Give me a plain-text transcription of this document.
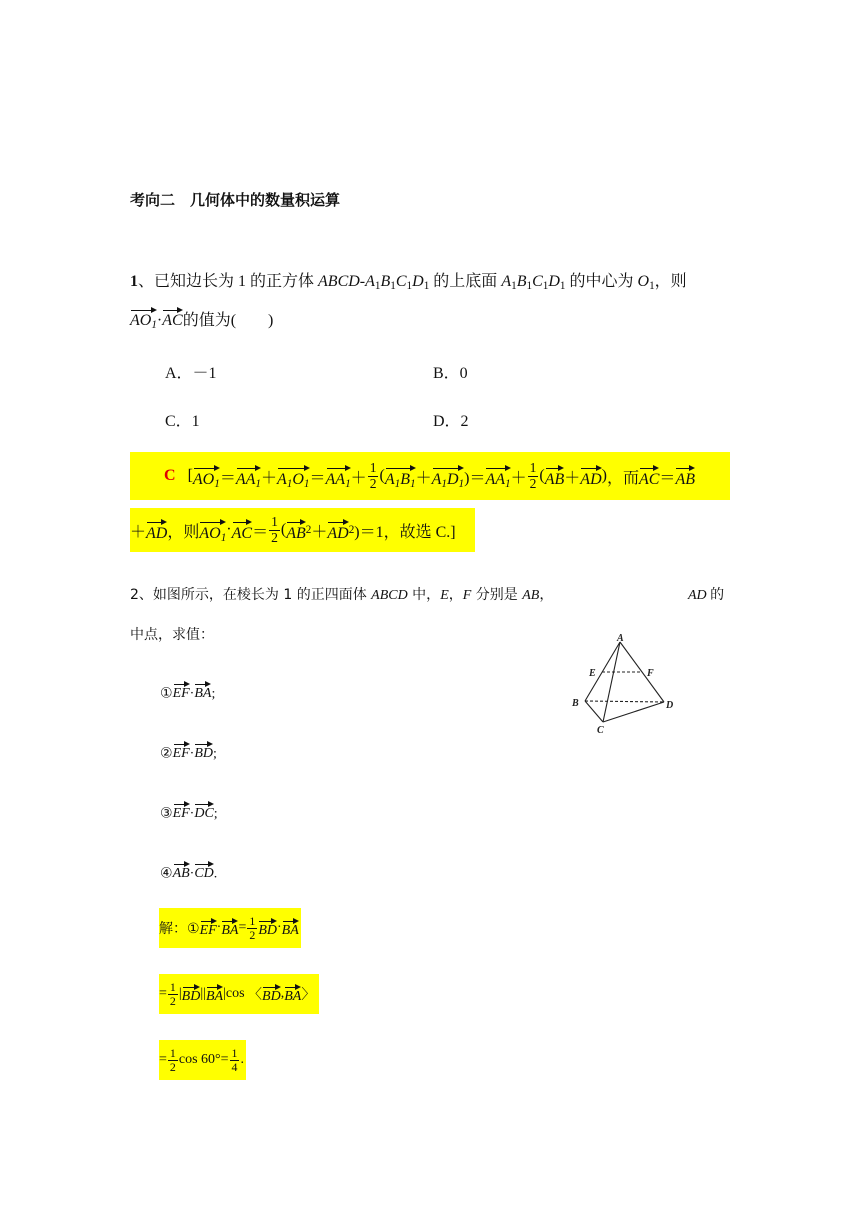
考向二　几何体中的数量积运算
1、已知边长为 1 的正方体 ABCD-$A_1B_1C_1D_1$ 的上底面 $A_1B_1C_1D_1$ 的中心为 $O_1$，则
$AO_1\cdot AC$的值为(　　)
A．－1	B．0
C．1	D．2
C [ $AO_1 = AA_1 + A_1O_1 = AA_1 + \frac{1}{2}$ ( $A_1B_1 + A_1D_1$ )＝ $AA_1 + \frac{1}{2}$ ( AB ＋ AD ) ，而 AC ＝ AB
＋ AD ，则 $AO_1$ · AC ＝ $\frac{1}{2}$ ( AB 2 ＋ AD 2 )＝1 ，故选 C.]
2、如图所示，在棱长为 1 的正四面体 ABCD 中，E，F 分别是 AB，	AD 的
中点，求值：	A
E	F
B	D
C
①EF·BA;
②EF·BD;
③EF·DC;
④AB·CD.
解：① EF · BA = $\frac{1}{2}$ BD · BA
= $\frac{1}{2}$ | BD || BA | cos 〈 BD , BA 〉
= $\frac{1}{2}$ $\cos 60^\circ = \frac{1}{4}$ .
